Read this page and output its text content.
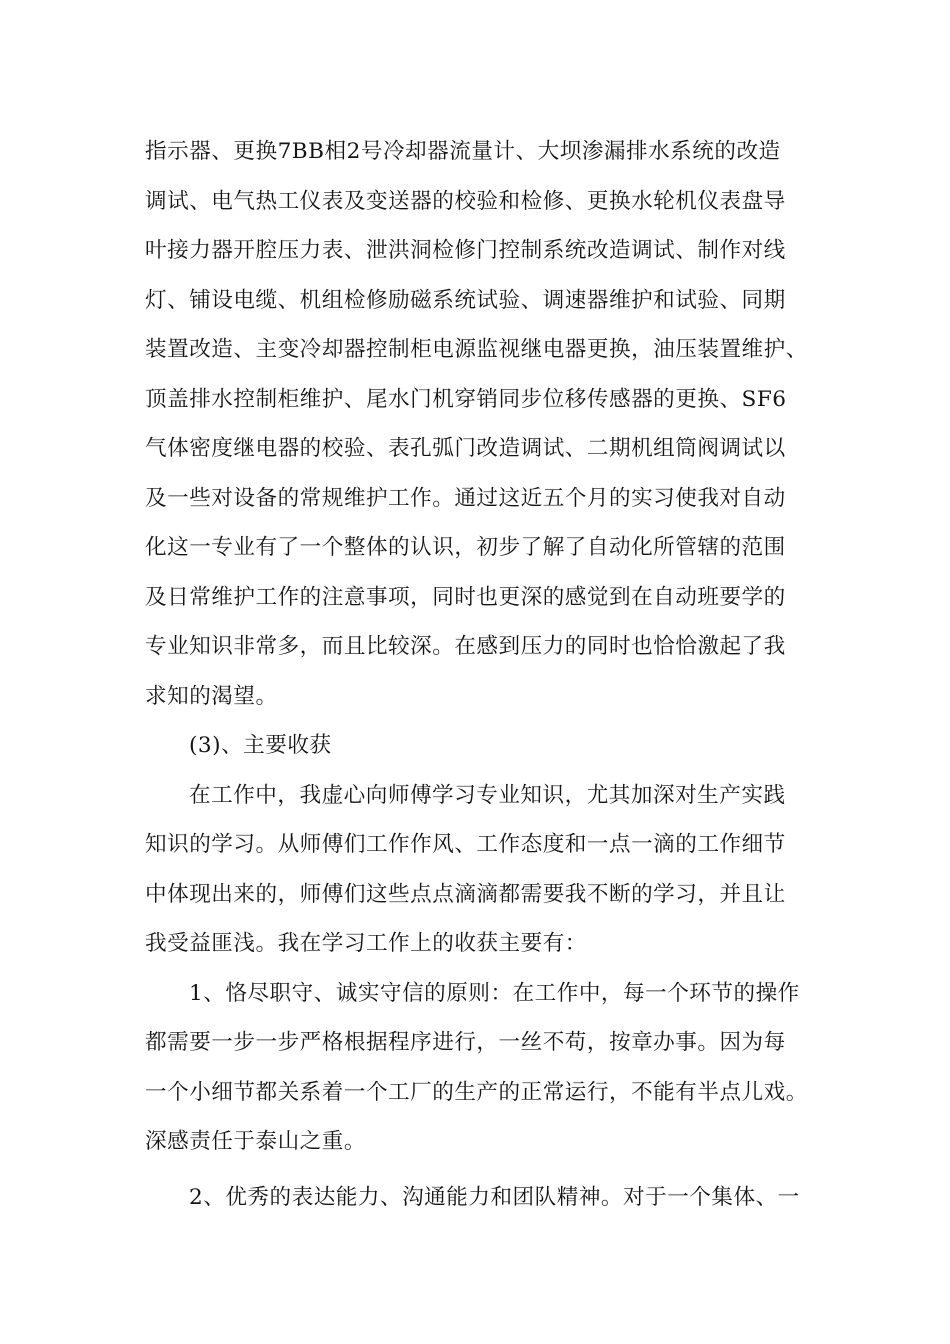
指示器、更换7BB相2号冷却器流量计、大坝渗漏排水系统的改造
调试、电气热工仪表及变送器的校验和检修、更换水轮机仪表盘导
叶接力器开腔压力表、泄洪洞检修门控制系统改造调试、制作对线
灯、铺设电缆、机组检修励磁系统试验、调速器维护和试验、同期
装置改造、主变冷却器控制柜电源监视继电器更换，油压装置维护、
顶盖排水控制柜维护、尾水门机穿销同步位移传感器的更换、SF6
气体密度继电器的校验、表孔弧门改造调试、二期机组筒阀调试以
及一些对设备的常规维护工作。通过这近五个月的实习使我对自动
化这一专业有了一个整体的认识，初步了解了自动化所管辖的范围
及日常维护工作的注意事项，同时也更深的感觉到在自动班要学的
专业知识非常多，而且比较深。在感到压力的同时也恰恰激起了我
求知的渴望。
(3)、主要收获
在工作中，我虚心向师傅学习专业知识，尤其加深对生产实践
知识的学习。从师傅们工作作风、工作态度和一点一滴的工作细节
中体现出来的，师傅们这些点点滴滴都需要我不断的学习，并且让
我受益匪浅。我在学习工作上的收获主要有：
1、恪尽职守、诚实守信的原则：在工作中，每一个环节的操作
都需要一步一步严格根据程序进行，一丝不苟，按章办事。因为每
一个小细节都关系着一个工厂的生产的正常运行，不能有半点儿戏。
深感责任于泰山之重。
2、优秀的表达能力、沟通能力和团队精神。对于一个集体、一
